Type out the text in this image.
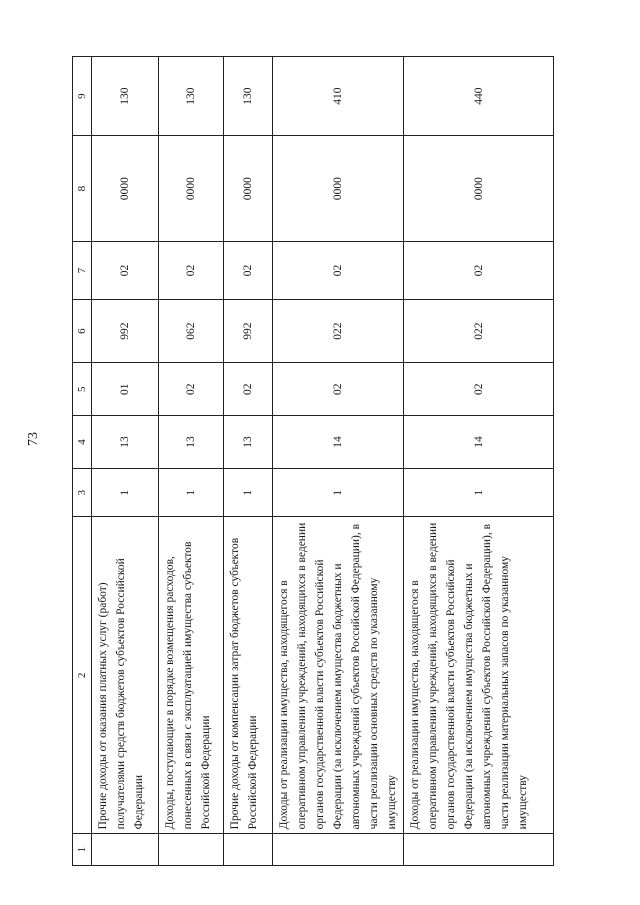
73
1	2	3	4	5	6	7	8	9
	Прочие доходы от оказания платных услуг (работ) получателями средств бюджетов субъектов Российской Федерации	1	13	01	992	02	0000	130
	Доходы, поступающие в порядке возмещения расходов, понесенных в связи с эксплуатацией имущества субъектов Российской Федерации	1	13	02	062	02	0000	130
	Прочие доходы от компенсации затрат бюджетов субъектов Российской Федерации	1	13	02	992	02	0000	130
	Доходы от реализации имущества, находящегося в оперативном управлении учреждений, находящихся в ведении органов государственной власти субъектов Российской Федерации (за исключением имущества бюджетных и автономных учреждений субъектов Российской Федерации), в части реализации основных средств по указанному имуществу	1	14	02	022	02	0000	410
	Доходы от реализации имущества, находящегося в оперативном управлении учреждений, находящихся в ведении органов государственной власти субъектов Российской Федерации (за исключением имущества бюджетных и автономных учреждений субъектов Российской Федерации), в части реализации материальных запасов по указанному имуществу	1	14	02	022	02	0000	440
